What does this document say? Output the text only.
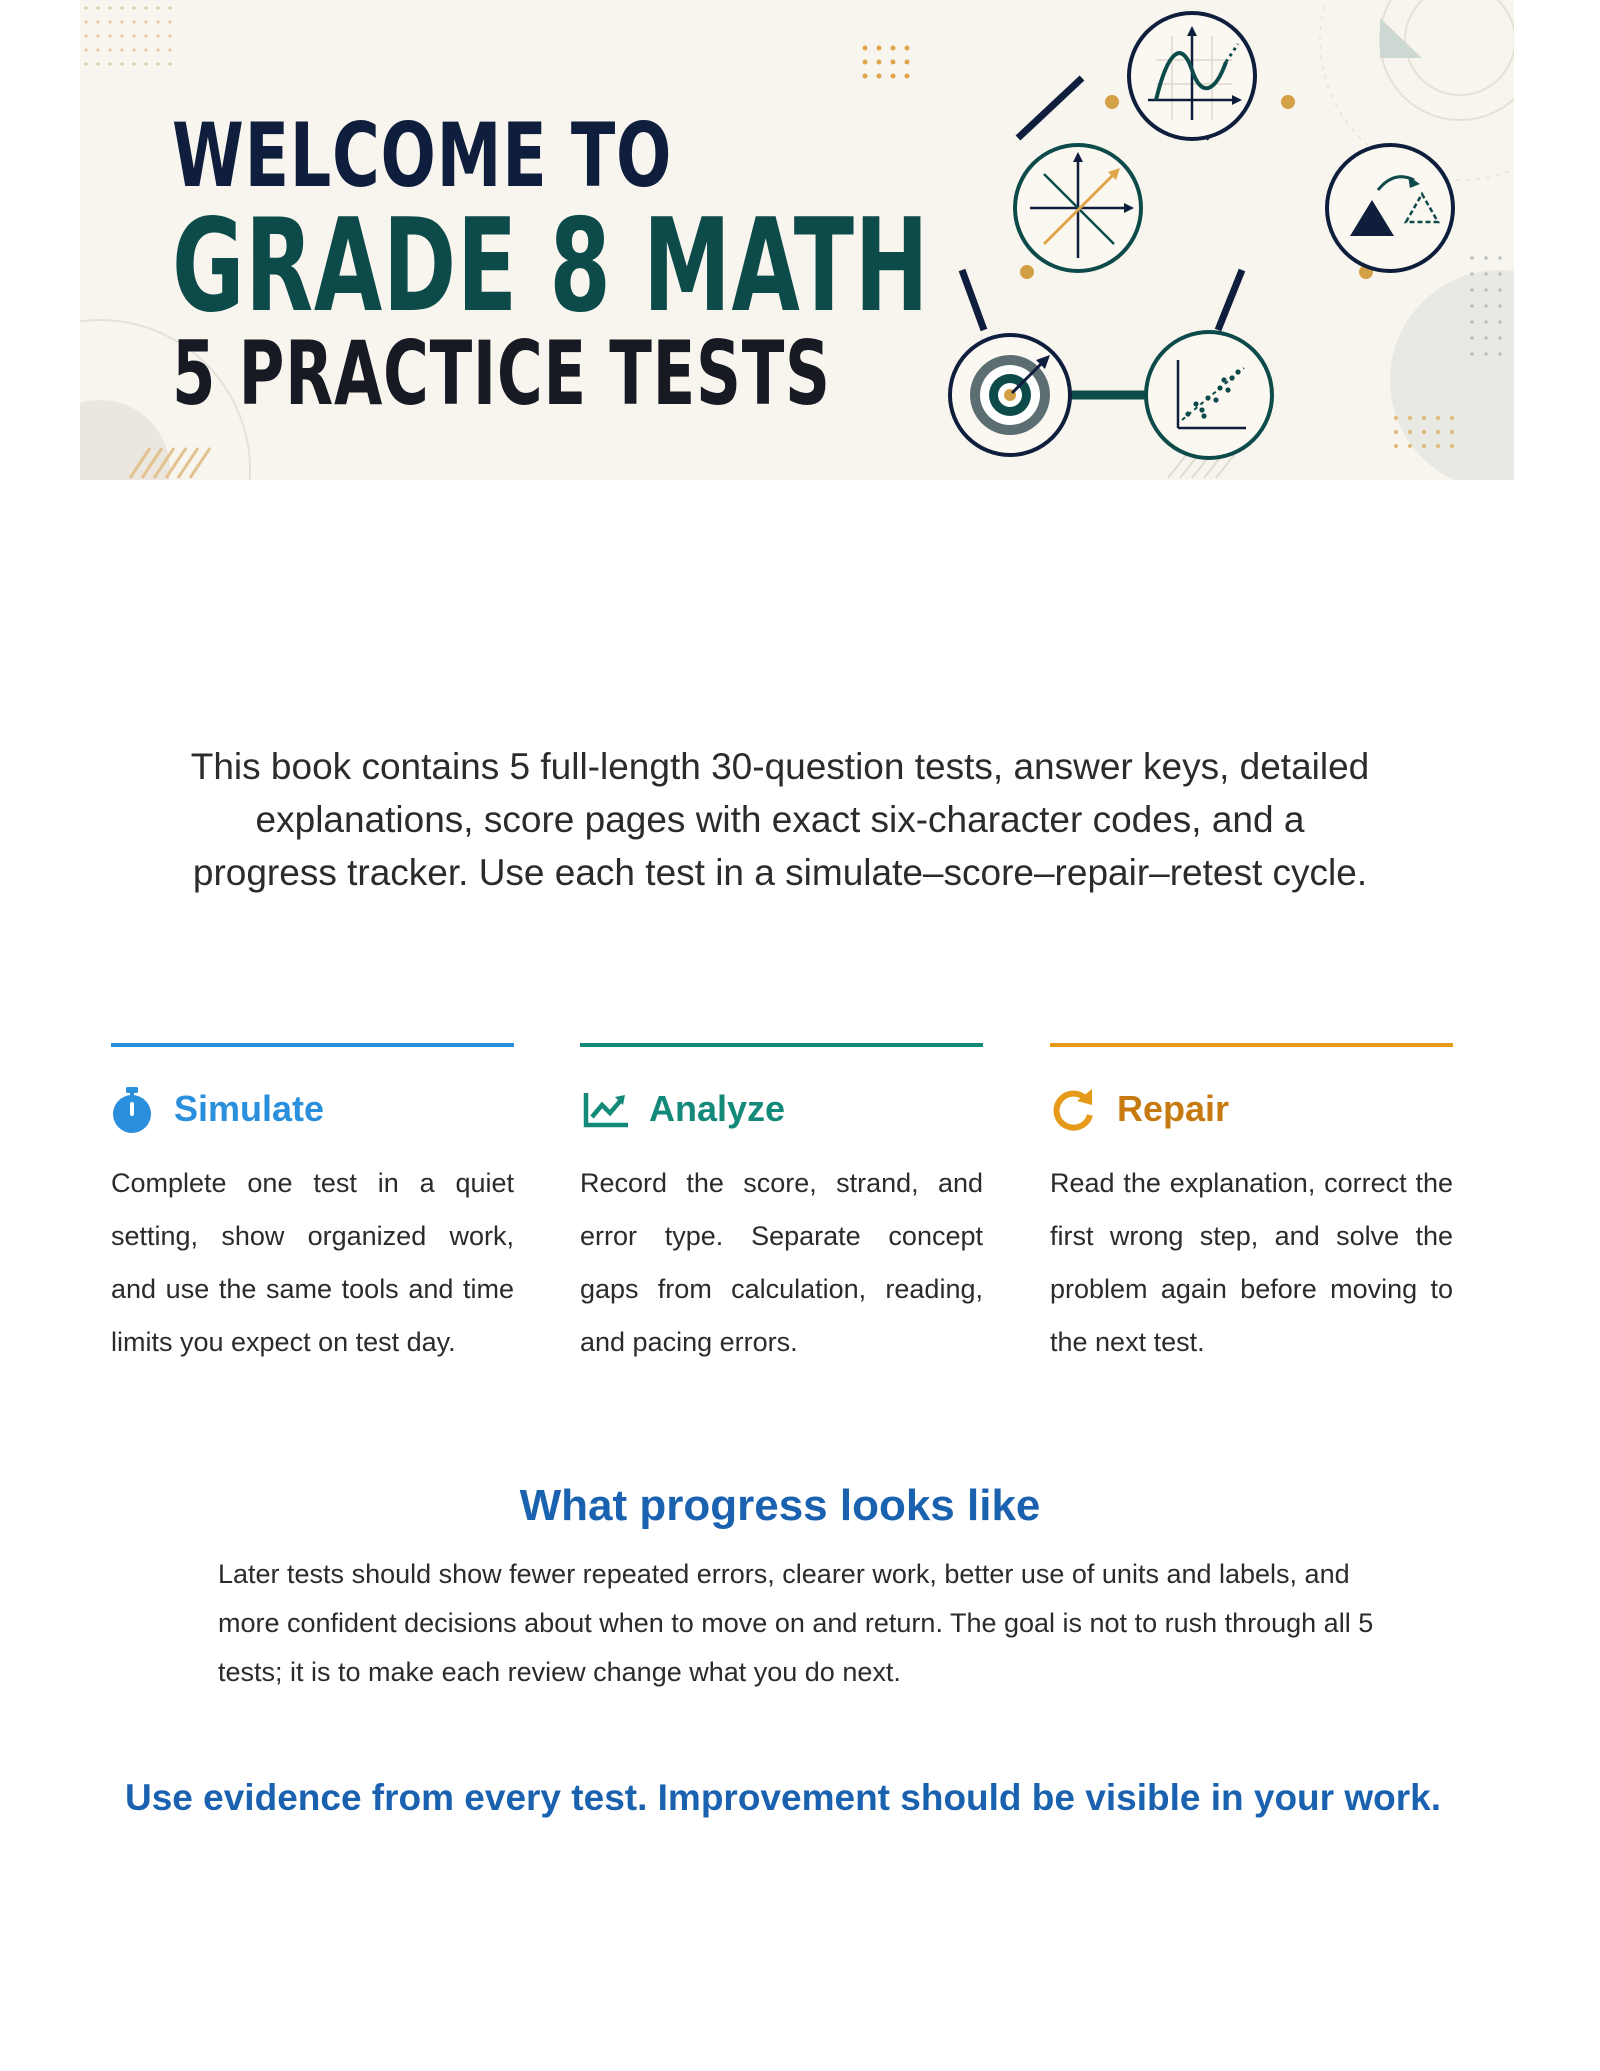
WELCOME TO
GRADE 8 MATH
5 PRACTICE TESTS

This book contains 5 full-length 30-question tests, answer keys, detailed explanations, score pages with exact six-character codes, and a progress tracker. Use each test in a simulate–score–repair–retest cycle.

Simulate

Complete one test in a quiet setting, show organized work, and use the same tools and time limits you expect on test day.

Analyze

Record the score, strand, and error type. Separate concept gaps from calculation, reading, and pacing errors.

Repair

Read the explanation, correct the first wrong step, and solve the problem again before moving to the next test.

What progress looks like

Later tests should show fewer repeated errors, clearer work, better use of units and labels, and more confident decisions about when to move on and return. The goal is not to rush through all 5 tests; it is to make each review change what you do next.

Use evidence from every test. Improvement should be visible in your work.
